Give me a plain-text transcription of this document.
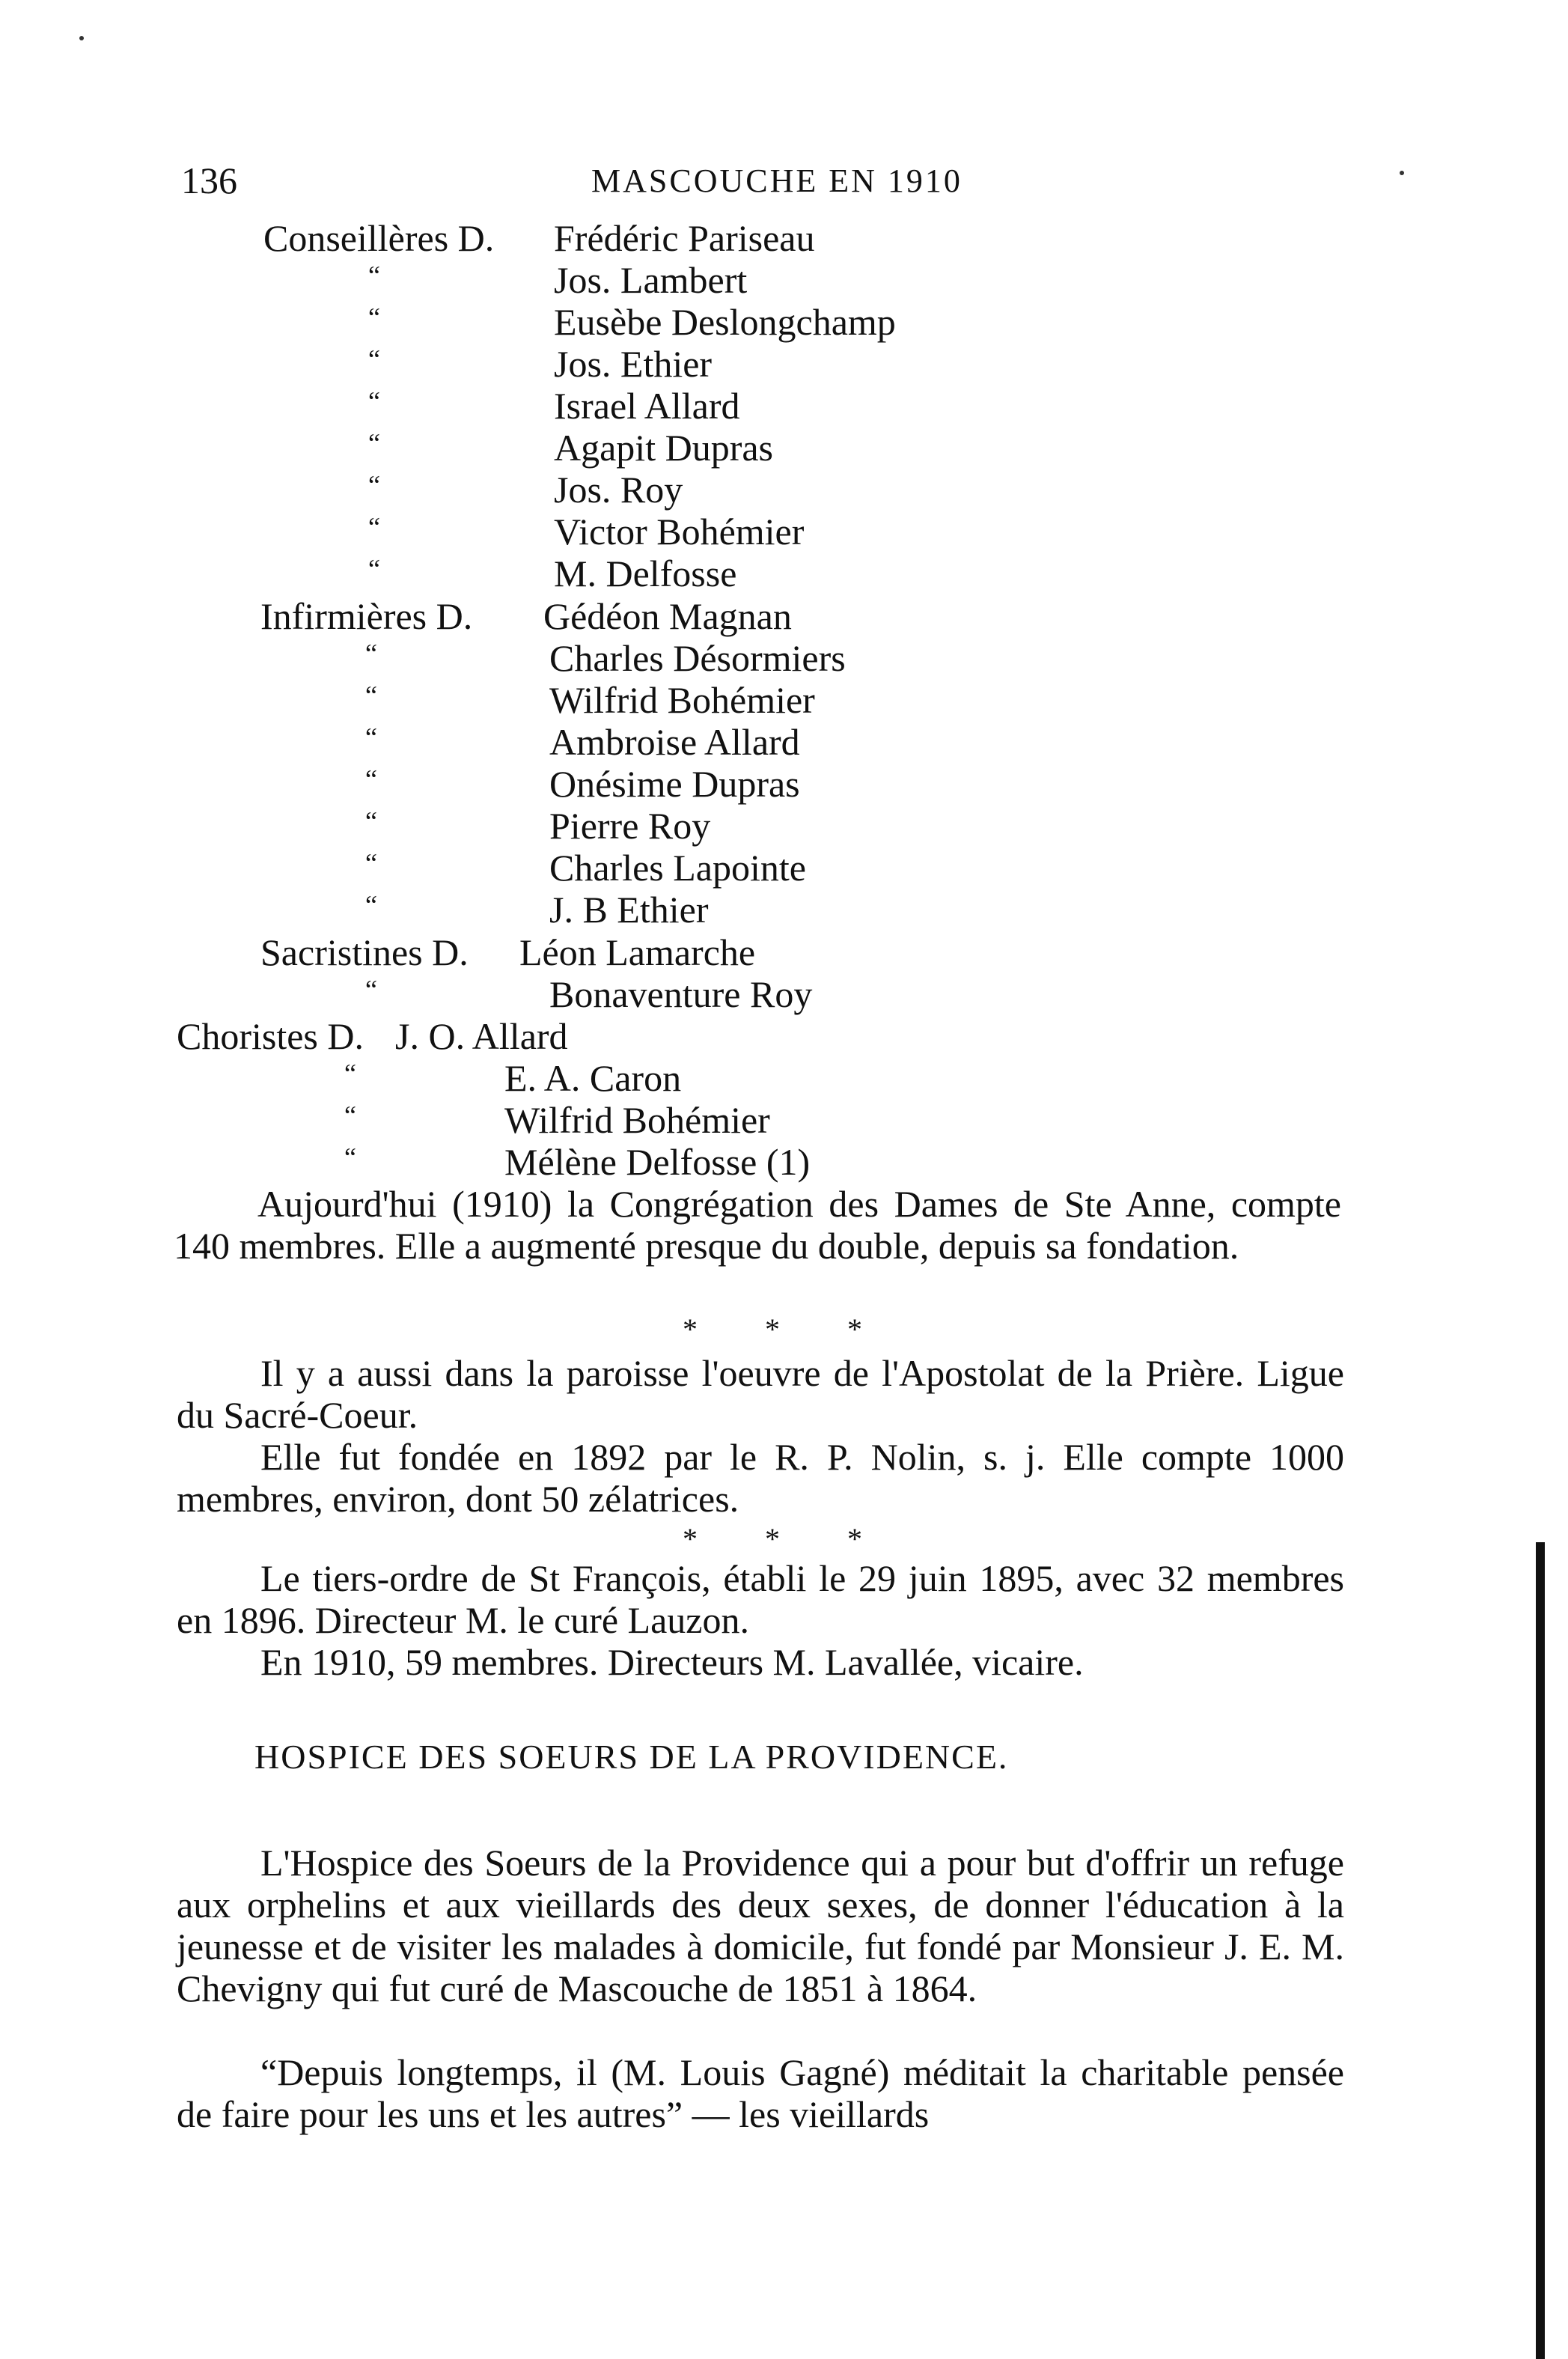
136	MASCOUCHE EN 1910
Conseillères D. Frédéric Pariseau
“	Jos. Lambert
“	Eusèbe Deslongchamp
“	Jos. Ethier
“	Israel Allard
“	Agapit Dupras
“	Jos. Roy
“	Victor Bohémier
“	M. Delfosse
Infirmières D. Gédéon Magnan
“	Charles Désormiers
“	Wilfrid Bohémier
“	Ambroise Allard
“	Onésime Dupras
“	Pierre Roy
“	Charles Lapointe
“	J. B Ethier
Sacristines D. Léon Lamarche
“	Bonaventure Roy
Choristes D. J. O. Allard
“	E. A. Caron
“	Wilfrid Bohémier
“	Mélène Delfosse (1)
Aujourd'hui (1910) la Congrégation des Dames de Ste Anne, compte 140 membres. Elle a augmenté presque du double, depuis sa fondation.
* * *
Il y a aussi dans la paroisse l'oeuvre de l'Apostolat de la Prière. Ligue du Sacré-Coeur.
Elle fut fondée en 1892 par le R. P. Nolin, s. j. Elle compte 1000 membres, environ, dont 50 zélatrices.
* * *
Le tiers-ordre de St François, établi le 29 juin 1895, avec 32 membres en 1896. Directeur M. le curé Lauzon.
En 1910, 59 membres. Directeurs M. Lavallée, vicaire.
HOSPICE DES SOEURS DE LA PROVIDENCE.
L'Hospice des Soeurs de la Providence qui a pour but d'offrir un refuge aux orphelins et aux vieillards des deux sexes, de donner l'éducation à la jeunesse et de visiter les malades à domicile, fut fondé par Monsieur J. E. M. Chevigny qui fut curé de Mascouche de 1851 à 1864.
“Depuis longtemps, il (M. Louis Gagné) méditait la charitable pensée de faire pour les uns et les autres” — les vieillards
